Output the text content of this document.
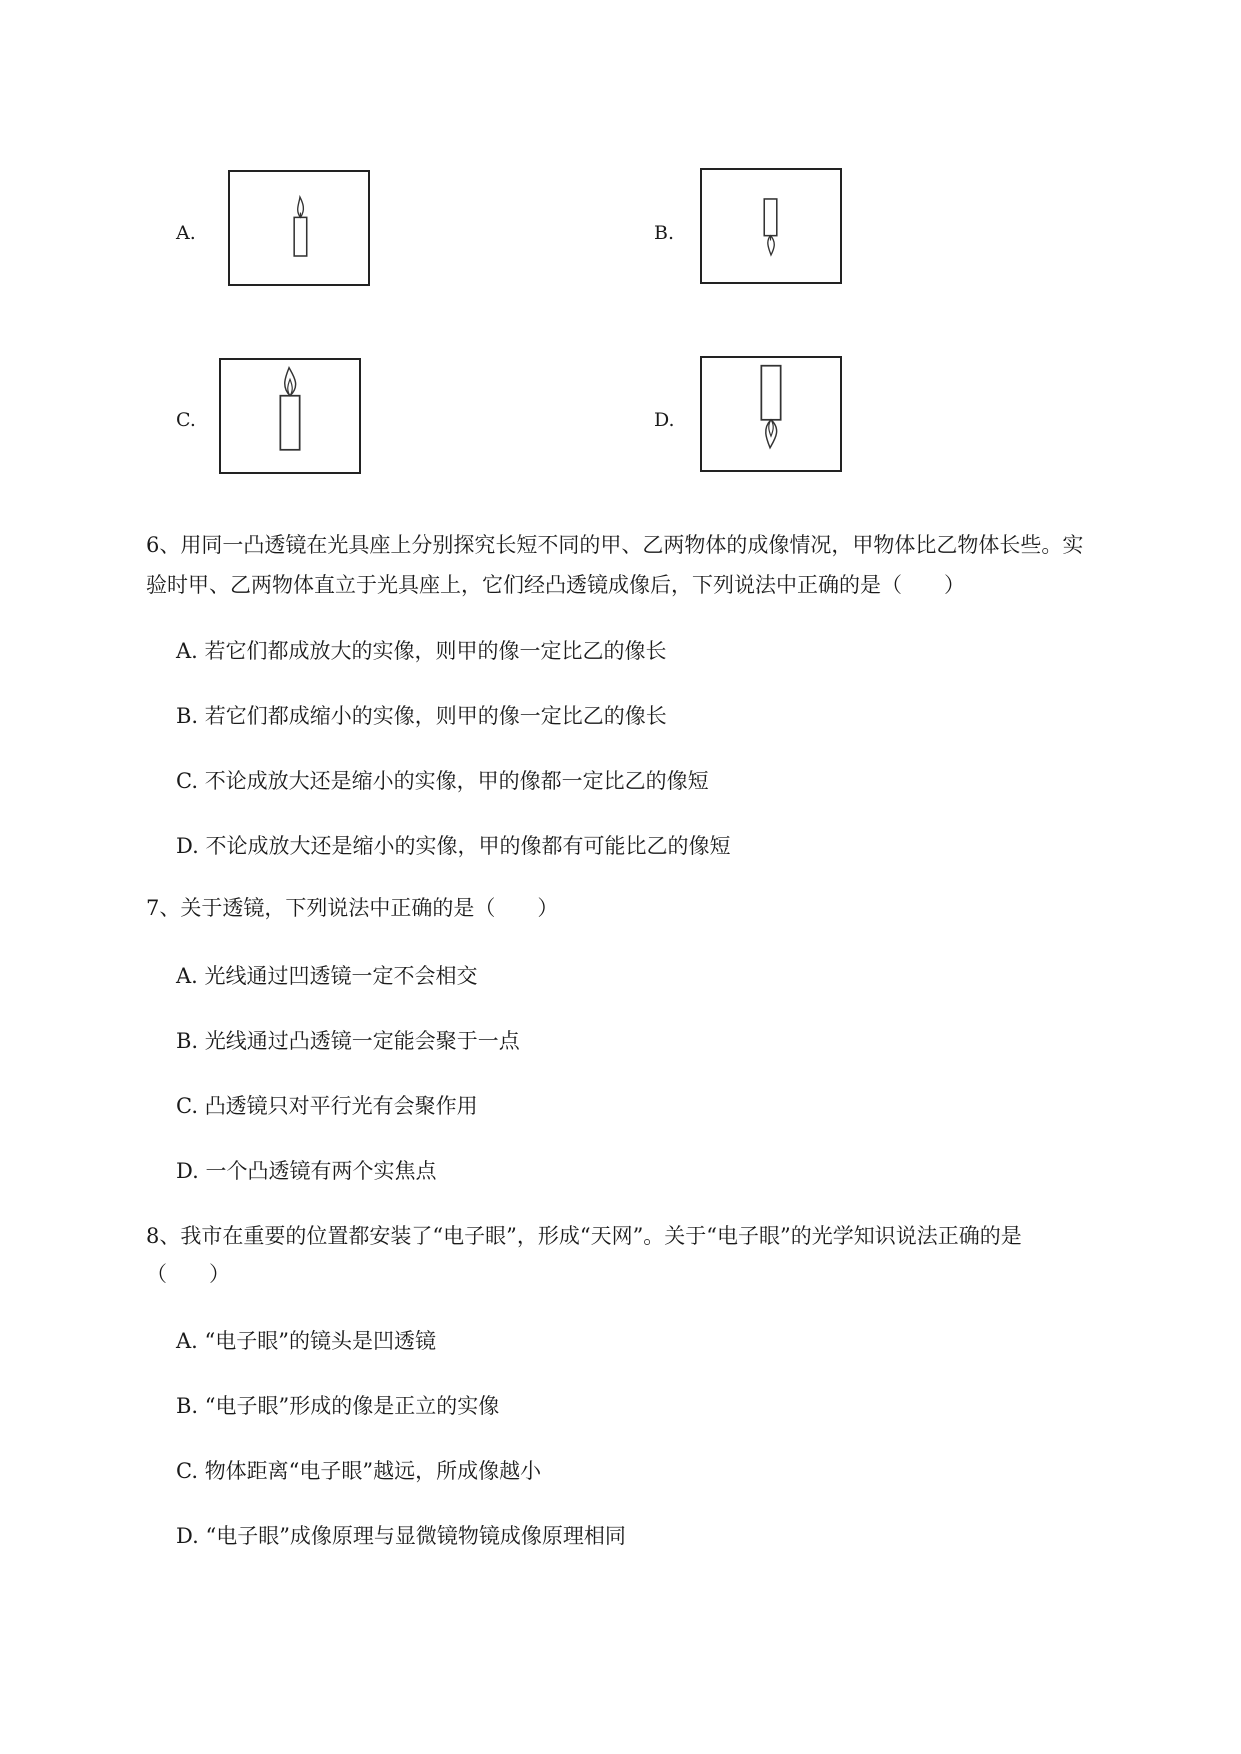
A.	B.
C.	D.
6、用同一凸透镜在光具座上分别探究长短不同的甲、乙两物体的成像情况，甲物体比乙物体长些。实
验时甲、乙两物体直立于光具座上，它们经凸透镜成像后，下列说法中正确的是（　　）
A. 若它们都成放大的实像，则甲的像一定比乙的像长
B. 若它们都成缩小的实像，则甲的像一定比乙的像长
C. 不论成放大还是缩小的实像，甲的像都一定比乙的像短
D. 不论成放大还是缩小的实像，甲的像都有可能比乙的像短
7、关于透镜，下列说法中正确的是（　　）
A. 光线通过凹透镜一定不会相交
B. 光线通过凸透镜一定能会聚于一点
C. 凸透镜只对平行光有会聚作用
D. 一个凸透镜有两个实焦点
8、我市在重要的位置都安装了“电子眼”，形成“天网”。关于“电子眼”的光学知识说法正确的是
（　　）
A. “电子眼”的镜头是凹透镜
B. “电子眼”形成的像是正立的实像
C. 物体距离“电子眼”越远，所成像越小
D. “电子眼”成像原理与显微镜物镜成像原理相同
